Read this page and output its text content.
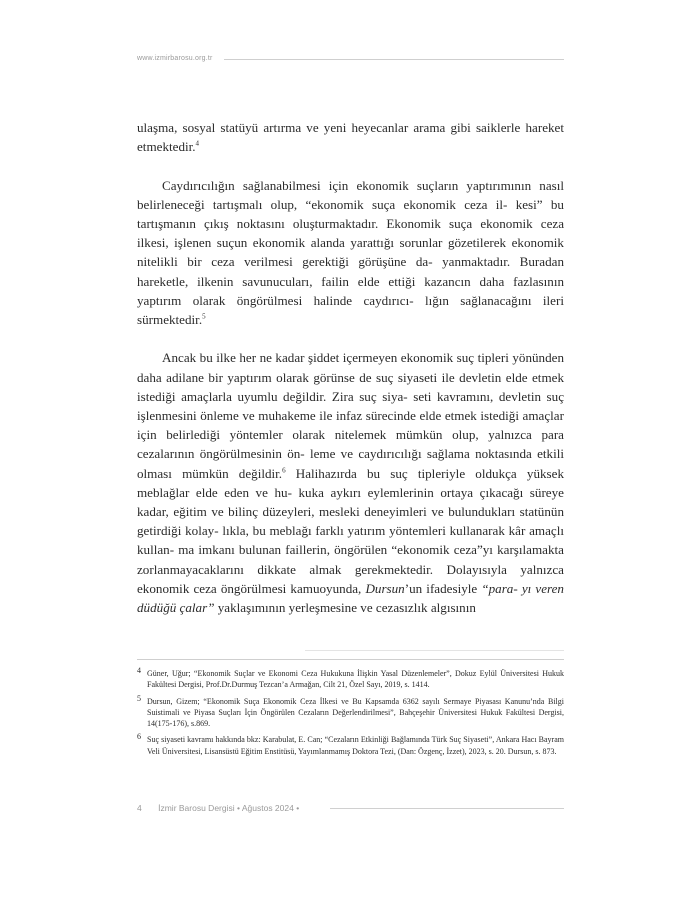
www.izmirbarosu.org.tr

ulaşma, sosyal statüyü artırma ve yeni heyecanlar arama gibi saiklerle hareket etmektedir.$^4$

Caydırıcılığın sağlanabilmesi için ekonomik suçların yaptırımının nasıl belirleneceği tartışmalı olup, “ekonomik suça ekonomik ceza il- kesi” bu tartışmanın çıkış noktasını oluşturmaktadır. Ekonomik suça ekonomik ceza ilkesi, işlenen suçun ekonomik alanda yarattığı sorunlar gözetilerek ekonomik nitelikli bir ceza verilmesi gerektiği görüşüne da- yanmaktadır. Buradan hareketle, ilkenin savunucuları, failin elde ettiği kazancın daha fazlasının yaptırım olarak öngörülmesi halinde caydırıcı- lığın sağlanacağını ileri sürmektedir.$^5$

Ancak bu ilke her ne kadar şiddet içermeyen ekonomik suç tipleri yönünden daha adilane bir yaptırım olarak görünse de suç siyaseti ile devletin elde etmek istediği amaçlarla uyumlu değildir. Zira suç siya- seti kavramını, devletin suç işlenmesini önleme ve muhakeme ile infaz sürecinde elde etmek istediği amaçlar için belirlediği yöntemler olarak nitelemek mümkün olup, yalnızca para cezalarının öngörülmesinin ön- leme ve caydırıcılığı sağlama noktasında etkili olması mümkün değildir.$^6$ Halihazırda bu suç tipleriyle oldukça yüksek meblağlar elde eden ve hu- kuka aykırı eylemlerinin ortaya çıkacağı süreye kadar, eğitim ve bilinç düzeyleri, mesleki deneyimleri ve bulundukları statünün getirdiği kolay- lıkla, bu meblağı farklı yatırım yöntemleri kullanarak kâr amaçlı kullan- ma imkanı bulunan faillerin, öngörülen “ekonomik ceza”yı karşılamakta zorlanmayacaklarını dikkate almak gerekmektedir. Dolayısıyla yalnızca ekonomik ceza öngörülmesi kamuoyunda, Dursun’un ifadesiyle “para- yı veren düdüğü çalar” yaklaşımının yerleşmesine ve cezasızlık algısının

4 Güner, Uğur; “Ekonomik Suçlar ve Ekonomi Ceza Hukukuna İlişkin Yasal Düzenlemeler”, Dokuz Eylül Üniversitesi Hukuk Fakültesi Dergisi, Prof.Dr.Durmuş Tezcan’a Armağan, Cilt 21, Özel Sayı, 2019, s. 1414.
5 Dursun, Gizem; “Ekonomik Suça Ekonomik Ceza İlkesi ve Bu Kapsamda 6362 sayılı Sermaye Piyasası Kanunu’nda Bilgi Suistimali ve Piyasa Suçları İçin Öngörülen Cezaların Değerlendirilmesi”, Bahçeşehir Üniversitesi Hukuk Fakültesi Dergisi, 14(175-176), s.869.
6 Suç siyaseti kavramı hakkında bkz: Karabulat, E. Can; “Cezaların Etkinliği Bağlamında Türk Suç Siyaseti”, Ankara Hacı Bayram Veli Üniversitesi, Lisansüstü Eğitim Enstitüsü, Yayımlanmamış Doktora Tezi, (Dan: Özgenç, İzzet), 2023, s. 20. Dursun, s. 873.
4 İzmir Barosu Dergisi • Ağustos 2024 •
